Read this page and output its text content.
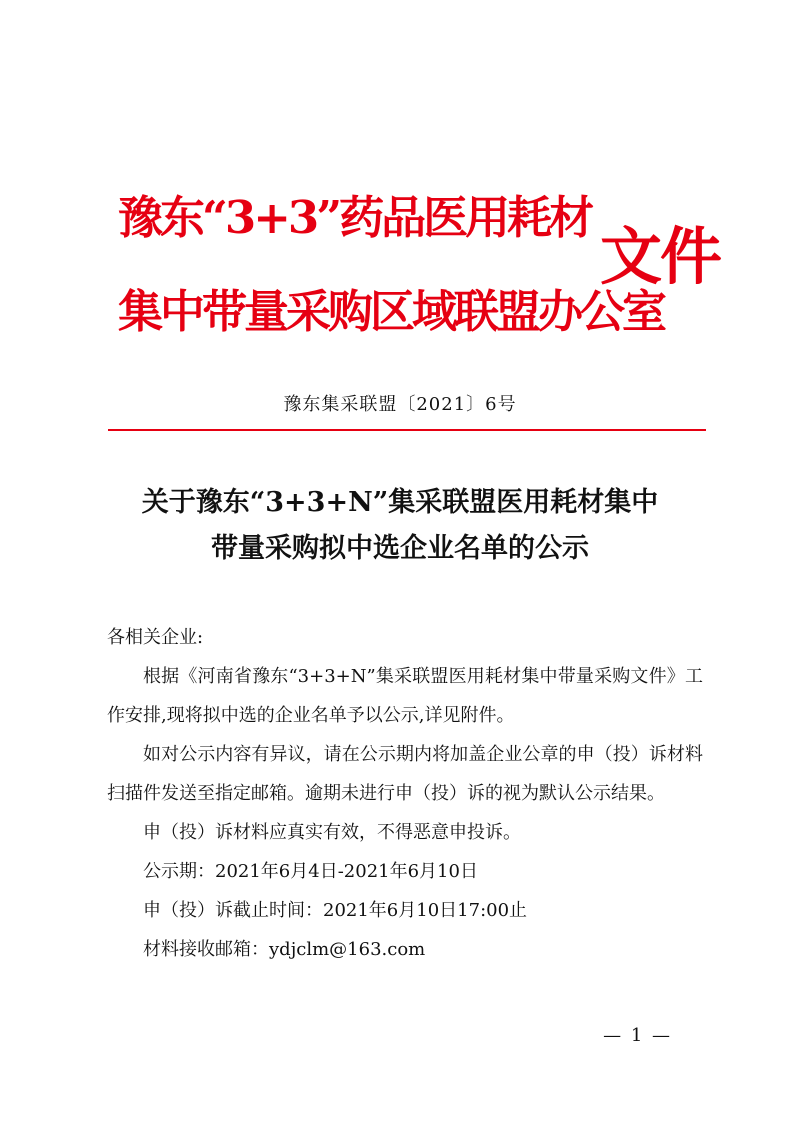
豫东“3+3”药品医用耗材
集中带量采购区域联盟办公室
文件
豫东集采联盟〔2021〕6号
关于豫东“3+3+N”集采联盟医用耗材集中
带量采购拟中选企业名单的公示

各相关企业:

根据《河南省豫东“3+3+N”集采联盟医用耗材集中带量采购文件》工作安排,现将拟中选的企业名单予以公示,详见附件。

如对公示内容有异议，请在公示期内将加盖企业公章的申（投）诉材料扫描件发送至指定邮箱。逾期未进行申（投）诉的视为默认公示结果。

申（投）诉材料应真实有效，不得恶意申投诉。

公示期：2021年6月4日-2021年6月10日

申（投）诉截止时间：2021年6月10日17:00止

材料接收邮箱：ydjclm@163.com

— 1 —
